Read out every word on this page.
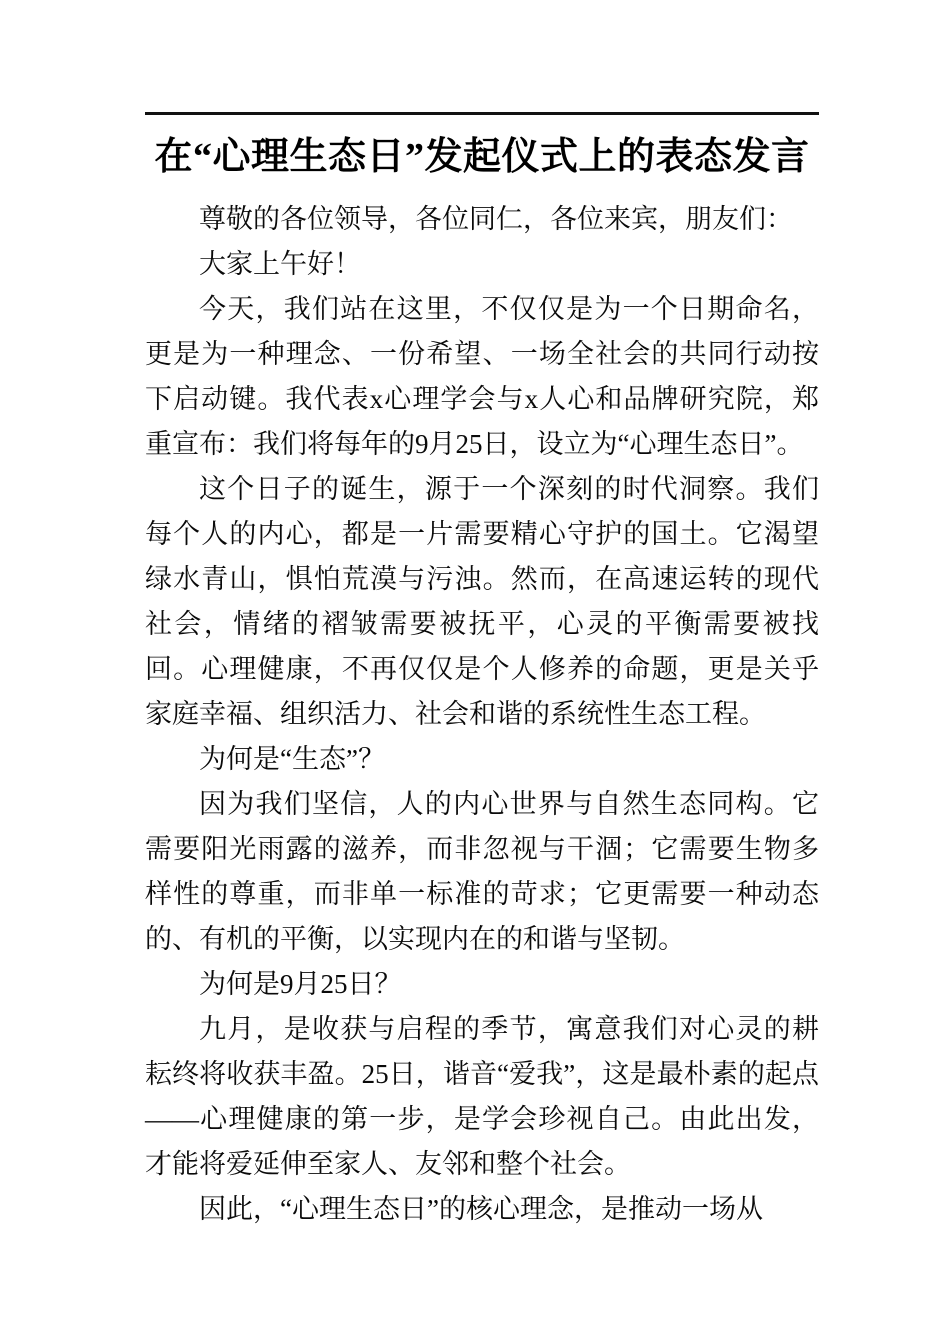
在“心理生态日”发起仪式上的表态发言

尊敬的各位领导，各位同仁，各位来宾，朋友们：

大家上午好！

今天，我们站在这里，不仅仅是为一个日期命名，更是为一种理念、一份希望、一场全社会的共同行动按下启动键。我代表x心理学会与x人心和品牌研究院，郑重宣布：我们将每年的9月25日，设立为“心理生态日”。

这个日子的诞生，源于一个深刻的时代洞察。我们每个人的内心，都是一片需要精心守护的国土。它渴望绿水青山，惧怕荒漠与污浊。然而，在高速运转的现代社会，情绪的褶皱需要被抚平，心灵的平衡需要被找回。心理健康，不再仅仅是个人修养的命题，更是关乎家庭幸福、组织活力、社会和谐的系统性生态工程。

为何是“生态”？

因为我们坚信，人的内心世界与自然生态同构。它需要阳光雨露的滋养，而非忽视与干涸；它需要生物多样性的尊重，而非单一标准的苛求；它更需要一种动态的、有机的平衡，以实现内在的和谐与坚韧。

为何是9月25日？

九月，是收获与启程的季节，寓意我们对心灵的耕耘终将收获丰盈。25日，谐音“爱我”，这是最朴素的起点——心理健康的第一步，是学会珍视自己。由此出发，才能将爱延伸至家人、友邻和整个社会。

因此，“心理生态日”的核心理念，是推动一场从
